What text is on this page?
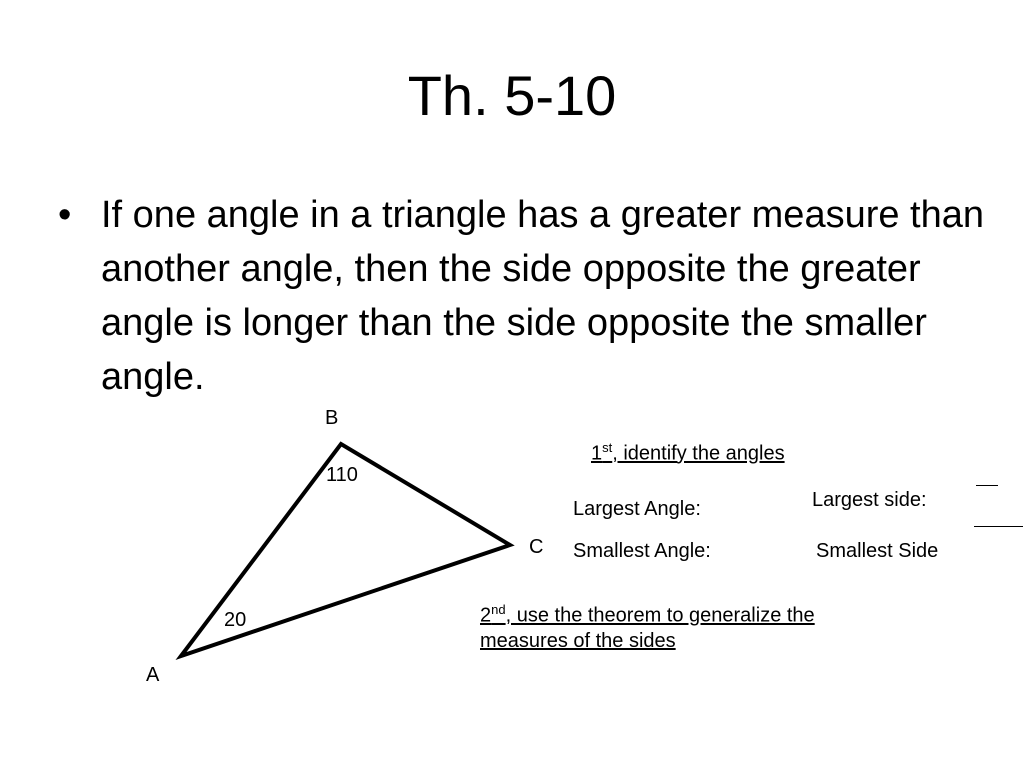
Th. 5-10
• If one angle in a triangle has a greater measure than another angle, then the side opposite the greater angle is longer than the side opposite the smaller angle.

B
C
A
110
20
1st, identify the angles
Largest Angle:
Smallest Angle:
Largest side:
Smallest Side
2nd, use the theorem to generalize the
measures of the sides
